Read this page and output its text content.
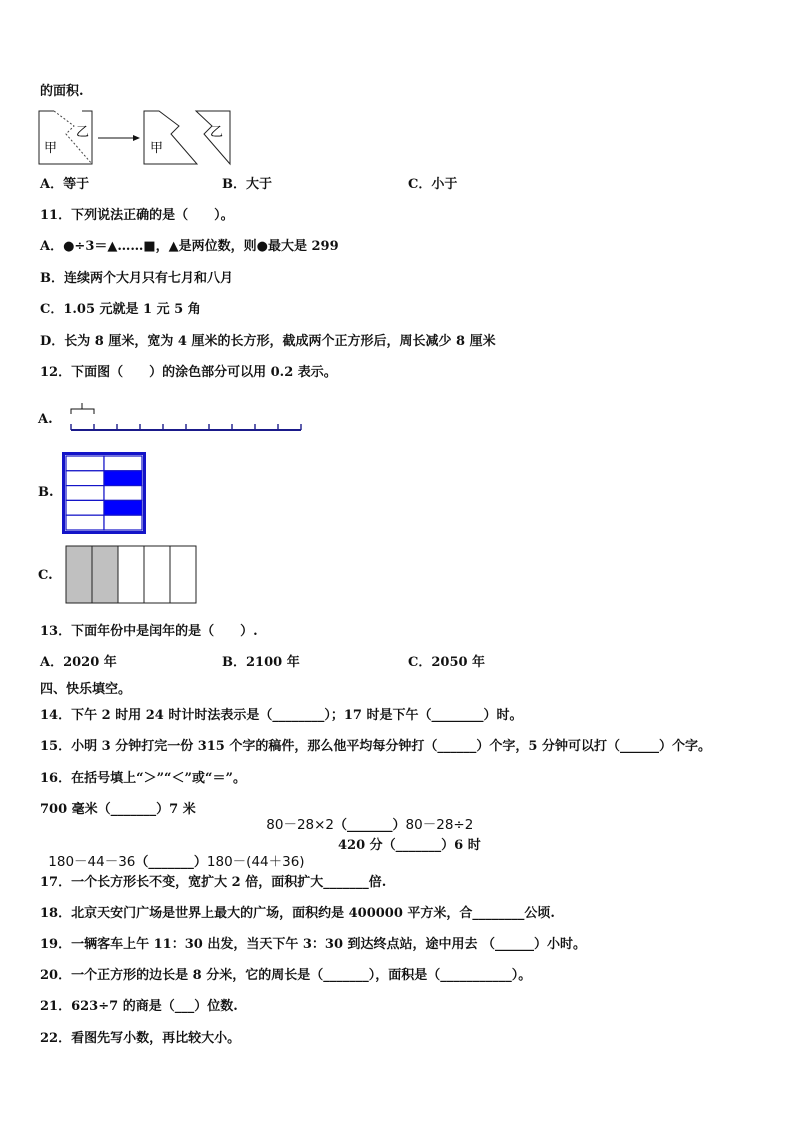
的面积.
甲
乙
甲
乙
A．等于	B．大于	C．小于
11．下列说法正确的是（　　）。
A．●÷3＝▲……■，▲是两位数，则●最大是 299
B．连续两个大月只有七月和八月
C．1.05 元就是 1 元 5 角
D．长为 8 厘米，宽为 4 厘米的长方形，截成两个正方形后，周长减少 8 厘米
12．下面图（　　）的涂色部分可以用 0.2 表示。
A.
B.
C.
13．下面年份中是闰年的是（　　）.
A．2020 年	B．2100 年	C．2050 年
四、快乐填空。
14．下午 2 时用 24 时计时法表示是（________）；17 时是下午（________）时。
15．小明 3 分钟打完一份 315 个字的稿件，那么他平均每分钟打（______）个字，5 分钟可以打（______）个字。
16．在括号填上“＞”“＜”或“＝”。
700 毫米（_______）7 米

80－28×2（_______）80－28÷2

180－44－36（_______）180－(44＋36)

420 分（_______）6 时
17．一个长方形长不变，宽扩大 2 倍，面积扩大_______倍.
18．北京天安门广场是世界上最大的广场，面积约是 400000 平方米，合________公顷.
19．一辆客车上午 11：30 出发，当天下午 3：30 到达终点站，途中用去 （______）小时。
20．一个正方形的边长是 8 分米，它的周长是（_______），面积是（___________）。
21．623÷7 的商是（___）位数.
22．看图先写小数，再比较大小。
